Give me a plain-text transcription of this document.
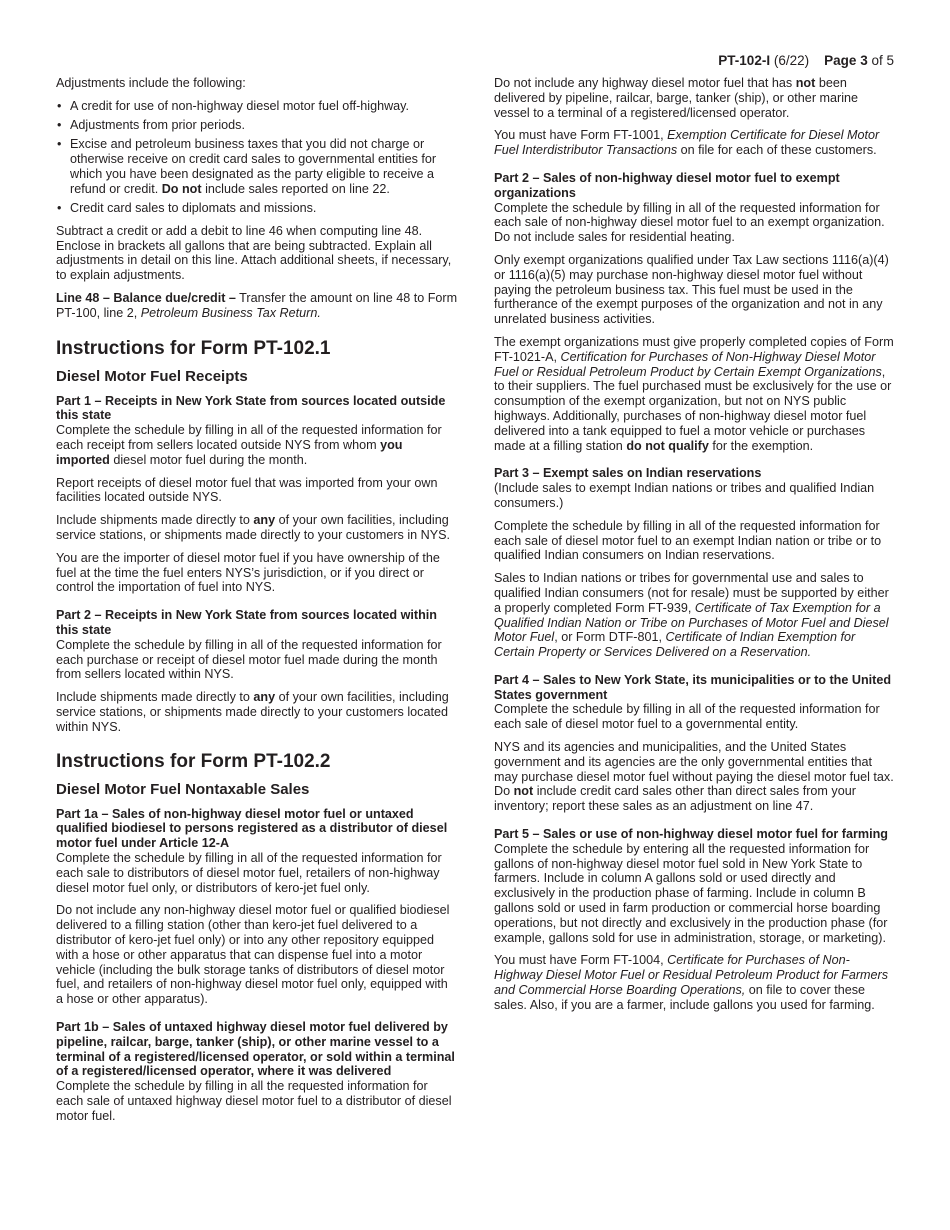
PT-102-I (6/22) Page 3 of 5

Adjustments include the following:

• A credit for use of non-highway diesel motor fuel off-highway.
• Adjustments from prior periods.
• Excise and petroleum business taxes that you did not charge or otherwise receive on credit card sales to governmental entities for which you have been designated as the party eligible to receive a refund or credit. Do not include sales reported on line 22.
• Credit card sales to diplomats and missions.

Subtract a credit or add a debit to line 46 when computing line 48. Enclose in brackets all gallons that are being subtracted. Explain all adjustments in detail on this line. Attach additional sheets, if necessary, to explain adjustments.

Line 48 – Balance due/credit – Transfer the amount on line 48 to Form PT-100, line 2, Petroleum Business Tax Return.

Instructions for Form PT-102.1
Diesel Motor Fuel Receipts
Part 1 – Receipts in New York State from sources located outside this state

Complete the schedule by filling in all of the requested information for each receipt from sellers located outside NYS from whom you imported diesel motor fuel during the month.

Report receipts of diesel motor fuel that was imported from your own facilities located outside NYS.

Include shipments made directly to any of your own facilities, including service stations, or shipments made directly to your customers in NYS.

You are the importer of diesel motor fuel if you have ownership of the fuel at the time the fuel enters NYS’s jurisdiction, or if you direct or control the importation of fuel into NYS.

Part 2 – Receipts in New York State from sources located within this state

Complete the schedule by filling in all of the requested information for each purchase or receipt of diesel motor fuel made during the month from sellers located within NYS.

Include shipments made directly to any of your own facilities, including service stations, or shipments made directly to your customers located within NYS.

Instructions for Form PT-102.2
Diesel Motor Fuel Nontaxable Sales
Part 1a – Sales of non-highway diesel motor fuel or untaxed qualified biodiesel to persons registered as a distributor of diesel motor fuel under Article 12-A

Complete the schedule by filling in all of the requested information for each sale to distributors of diesel motor fuel, retailers of non-highway diesel motor fuel only, or distributors of kero-jet fuel only.

Do not include any non-highway diesel motor fuel or qualified biodiesel delivered to a filling station (other than kero-jet fuel delivered to a distributor of kero-jet fuel only) or into any other repository equipped with a hose or other apparatus that can dispense fuel into a motor vehicle (including the bulk storage tanks of distributors of diesel motor fuel, and retailers of non-highway diesel motor fuel only, equipped with a hose or other apparatus).

Part 1b – Sales of untaxed highway diesel motor fuel delivered by pipeline, railcar, barge, tanker (ship), or other marine vessel to a terminal of a registered/licensed operator, or sold within a terminal of a registered/licensed operator, where it was delivered

Complete the schedule by filling in all the requested information for each sale of untaxed highway diesel motor fuel to a distributor of diesel motor fuel.

Do not include any highway diesel motor fuel that has not been delivered by pipeline, railcar, barge, tanker (ship), or other marine vessel to a terminal of a registered/licensed operator.

You must have Form FT-1001, Exemption Certificate for Diesel Motor Fuel Interdistributor Transactions on file for each of these customers.

Part 2 – Sales of non-highway diesel motor fuel to exempt organizations

Complete the schedule by filling in all of the requested information for each sale of non-highway diesel motor fuel to an exempt organization. Do not include sales for residential heating.

Only exempt organizations qualified under Tax Law sections 1116(a)(4) or 1116(a)(5) may purchase non-highway diesel motor fuel without paying the petroleum business tax. This fuel must be used in the furtherance of the exempt purposes of the organization and not in any unrelated business activities.

The exempt organizations must give properly completed copies of Form FT-1021-A, Certification for Purchases of Non-Highway Diesel Motor Fuel or Residual Petroleum Product by Certain Exempt Organizations, to their suppliers. The fuel purchased must be exclusively for the use or consumption of the exempt organization, but not on NYS public highways. Additionally, purchases of non-highway diesel motor fuel delivered into a tank equipped to fuel a motor vehicle or purchases made at a filling station do not qualify for the exemption.

Part 3 – Exempt sales on Indian reservations

(Include sales to exempt Indian nations or tribes and qualified Indian consumers.)

Complete the schedule by filling in all of the requested information for each sale of diesel motor fuel to an exempt Indian nation or tribe or to qualified Indian consumers on Indian reservations.

Sales to Indian nations or tribes for governmental use and sales to qualified Indian consumers (not for resale) must be supported by either a properly completed Form FT-939, Certificate of Tax Exemption for a Qualified Indian Nation or Tribe on Purchases of Motor Fuel and Diesel Motor Fuel, or Form DTF-801, Certificate of Indian Exemption for Certain Property or Services Delivered on a Reservation.

Part 4 – Sales to New York State, its municipalities or to the United States government

Complete the schedule by filling in all of the requested information for each sale of diesel motor fuel to a governmental entity.

NYS and its agencies and municipalities, and the United States government and its agencies are the only governmental entities that may purchase diesel motor fuel without paying the diesel motor fuel tax. Do not include credit card sales other than direct sales from your inventory; report these sales as an adjustment on line 47.

Part 5 – Sales or use of non-highway diesel motor fuel for farming

Complete the schedule by entering all the requested information for gallons of non-highway diesel motor fuel sold in New York State to farmers. Include in column A gallons sold or used directly and exclusively in the production phase of farming. Include in column B gallons sold or used in farm production or commercial horse boarding operations, but not directly and exclusively in the production phase (for example, gallons sold for use in administration, storage, or marketing).

You must have Form FT-1004, Certificate for Purchases of Non-Highway Diesel Motor Fuel or Residual Petroleum Product for Farmers and Commercial Horse Boarding Operations, on file to cover these sales. Also, if you are a farmer, include gallons you used for farming.
